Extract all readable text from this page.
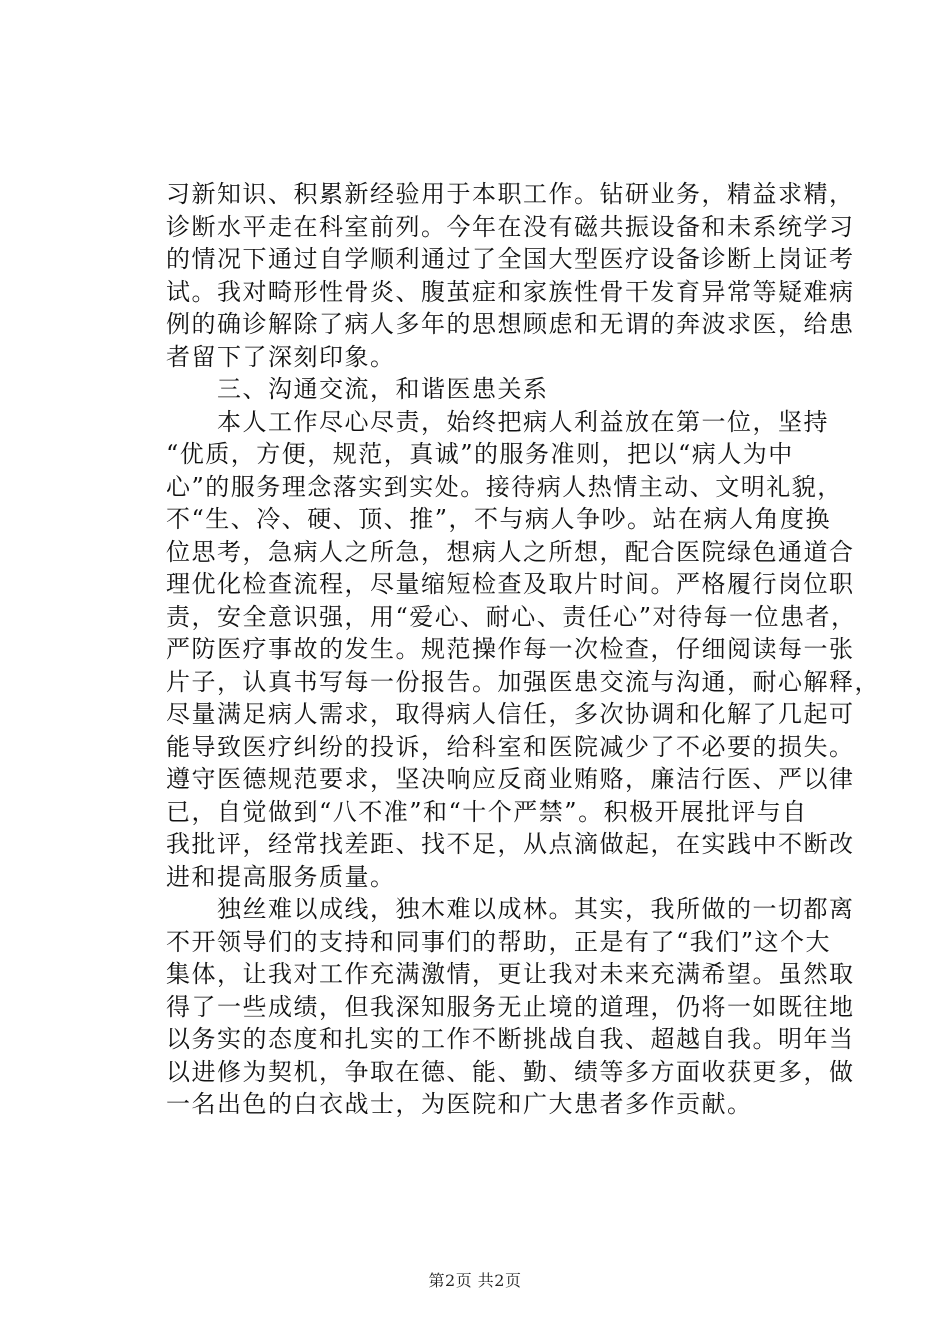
习新知识、积累新经验用于本职工作。钻研业务，精益求精，
诊断水平走在科室前列。今年在没有磁共振设备和未系统学习
的情况下通过自学顺利通过了全国大型医疗设备诊断上岗证考
试。我对畸形性骨炎、腹茧症和家族性骨干发育异常等疑难病
例的确诊解除了病人多年的思想顾虑和无谓的奔波求医，给患
者留下了深刻印象。
　　三、沟通交流，和谐医患关系
　　本人工作尽心尽责，始终把病人利益放在第一位，坚持
“优质，方便，规范，真诚”的服务准则，把以“病人为中
心”的服务理念落实到实处。接待病人热情主动、文明礼貌，
不“生、冷、硬、顶、推”，不与病人争吵。站在病人角度换
位思考，急病人之所急，想病人之所想，配合医院绿色通道合
理优化检查流程，尽量缩短检查及取片时间。严格履行岗位职
责，安全意识强，用“爱心、耐心、责任心”对待每一位患者，
严防医疗事故的发生。规范操作每一次检查，仔细阅读每一张
片子，认真书写每一份报告。加强医患交流与沟通，耐心解释，
尽量满足病人需求，取得病人信任，多次协调和化解了几起可
能导致医疗纠纷的投诉，给科室和医院减少了不必要的损失。
遵守医德规范要求，坚决响应反商业贿赂，廉洁行医、严以律
已，自觉做到“八不准”和“十个严禁”。积极开展批评与自
我批评，经常找差距、找不足，从点滴做起，在实践中不断改
进和提高服务质量。
　　独丝难以成线，独木难以成林。其实，我所做的一切都离
不开领导们的支持和同事们的帮助，正是有了“我们”这个大
集体，让我对工作充满激情，更让我对未来充满希望。虽然取
得了一些成绩，但我深知服务无止境的道理，仍将一如既往地
以务实的态度和扎实的工作不断挑战自我、超越自我。明年当
以进修为契机，争取在德、能、勤、绩等多方面收获更多，做
一名出色的白衣战士，为医院和广大患者多作贡献。
第2页 共2页
